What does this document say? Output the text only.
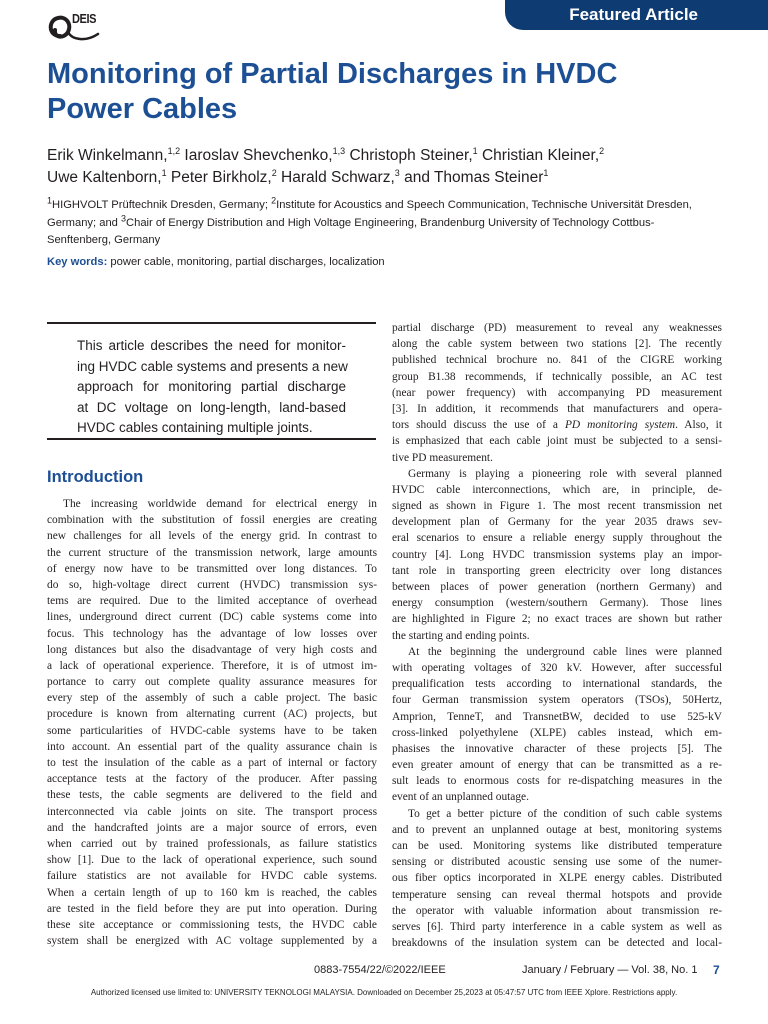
Featured Article
DEIS
Monitoring of Partial Discharges in HVDC
Power Cables
Erik Winkelmann,$^{1,2}$ Iaroslav Shevchenko,$^{1,3}$ Christoph Steiner,$^1$ Christian Kleiner,$^2$
Uwe Kaltenborn,$^1$ Peter Birkholz,$^2$ Harald Schwarz,$^3$ and Thomas Steiner$^1$
$^1$HIGHVOLT Prüftechnik Dresden, Germany; $^2$Institute for Acoustics and Speech Communication, Technische Universität Dresden,
Germany; and $^3$Chair of Energy Distribution and High Voltage Engineering, Brandenburg University of Technology Cottbus-
Senftenberg, Germany
Key words: power cable, monitoring, partial discharges, localization
This article describes the need for monitor-
ing HVDC cable systems and presents a new
approach for monitoring partial discharge
at DC voltage on long-length, land-based
HVDC cables containing multiple joints.
Introduction
The increasing worldwide demand for electrical energy in
combination with the substitution of fossil energies are creating
new challenges for all levels of the energy grid. In contrast to
the current structure of the transmission network, large amounts
of energy now have to be transmitted over long distances. To
do so, high-voltage direct current (HVDC) transmission sys-
tems are required. Due to the limited acceptance of overhead
lines, underground direct current (DC) cable systems come into
focus. This technology has the advantage of low losses over
long distances but also the disadvantage of very high costs and
a lack of operational experience. Therefore, it is of utmost im-
portance to carry out complete quality assurance measures for
every step of the assembly of such a cable project. The basic
procedure is known from alternating current (AC) projects, but
some particularities of HVDC-cable systems have to be taken
into account. An essential part of the quality assurance chain is
to test the insulation of the cable as a part of internal or factory
acceptance tests at the factory of the producer. After passing
these tests, the cable segments are delivered to the field and
interconnected via cable joints on site. The transport process
and the handcrafted joints are a major source of errors, even
when carried out by trained professionals, as failure statistics
show [1]. Due to the lack of operational experience, such sound
failure statistics are not available for HVDC cable systems.
When a certain length of up to 160 km is reached, the cables
are tested in the field before they are put into operation. During
these site acceptance or commissioning tests, the HVDC cable
system shall be energized with AC voltage supplemented by a
partial discharge (PD) measurement to reveal any weaknesses
along the cable system between two stations [2]. The recently
published technical brochure no. 841 of the CIGRE working
group B1.38 recommends, if technically possible, an AC test
(near power frequency) with accompanying PD measurement
[3]. In addition, it recommends that manufacturers and opera-
tors should discuss the use of a PD monitoring system. Also, it
is emphasized that each cable joint must be subjected to a sensi-
tive PD measurement.
Germany is playing a pioneering role with several planned
HVDC cable interconnections, which are, in principle, de-
signed as shown in Figure 1. The most recent transmission net
development plan of Germany for the year 2035 draws sev-
eral scenarios to ensure a reliable energy supply throughout the
country [4]. Long HVDC transmission systems play an impor-
tant role in transporting green electricity over long distances
between places of power generation (northern Germany) and
energy consumption (western/southern Germany). Those lines
are highlighted in Figure 2; no exact traces are shown but rather
the starting and ending points.
At the beginning the underground cable lines were planned
with operating voltages of 320 kV. However, after successful
prequalification tests according to international standards, the
four German transmission system operators (TSOs), 50Hertz,
Amprion, TenneT, and TransnetBW, decided to use 525-kV
cross-linked polyethylene (XLPE) cables instead, which em-
phasises the innovative character of these projects [5]. The
even greater amount of energy that can be transmitted as a re-
sult leads to enormous costs for re-dispatching measures in the
event of an unplanned outage.
To get a better picture of the condition of such cable systems
and to prevent an unplanned outage at best, monitoring systems
can be used. Monitoring systems like distributed temperature
sensing or distributed acoustic sensing use some of the numer-
ous fiber optics incorporated in XLPE energy cables. Distributed
temperature sensing can reveal thermal hotspots and provide
the operator with valuable information about transmission re-
serves [6]. Third party interference in a cable system as well as
breakdowns of the insulation system can be detected and local-
0883-7554/22/©2022/IEEE	January / February — Vol. 38, No. 1 7
Authorized licensed use limited to: UNIVERSITY TEKNOLOGI MALAYSIA. Downloaded on December 25,2023 at 05:47:57 UTC from IEEE Xplore. Restrictions apply.
